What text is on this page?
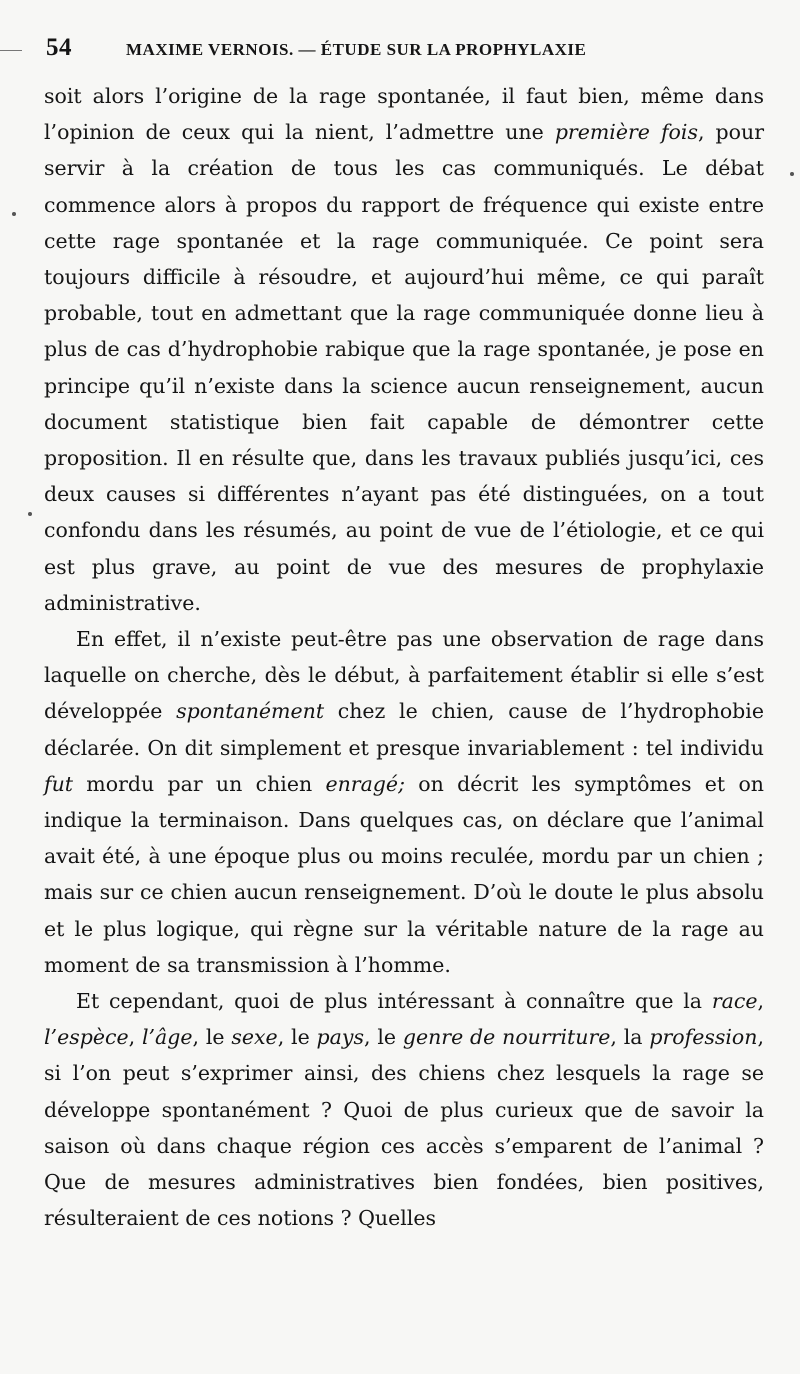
54	MAXIME VERNOIS. — ÉTUDE SUR LA PROPHYLAXIE

soit alors l’origine de la rage spontanée, il faut bien, même dans l’opinion de ceux qui la nient, l’admettre une première fois, pour servir à la création de tous les cas communiqués. Le débat commence alors à propos du rapport de fréquence qui existe entre cette rage spontanée et la rage communiquée. Ce point sera toujours difficile à résoudre, et aujourd’hui même, ce qui paraît probable, tout en admettant que la rage communiquée donne lieu à plus de cas d’hydrophobie rabique que la rage spontanée, je pose en principe qu’il n’existe dans la science aucun renseignement, aucun document statistique bien fait capable de démontrer cette proposition. Il en résulte que, dans les travaux publiés jusqu’ici, ces deux causes si différentes n’ayant pas été distinguées, on a tout confondu dans les résumés, au point de vue de l’étiologie, et ce qui est plus grave, au point de vue des mesures de prophylaxie administrative.

En effet, il n’existe peut-être pas une observation de rage dans laquelle on cherche, dès le début, à parfaitement établir si elle s’est développée spontanément chez le chien, cause de l’hydrophobie déclarée. On dit simplement et presque invariablement : tel individu fut mordu par un chien enragé; on décrit les symptômes et on indique la terminaison. Dans quelques cas, on déclare que l’animal avait été, à une époque plus ou moins reculée, mordu par un chien ; mais sur ce chien aucun renseignement. D’où le doute le plus absolu et le plus logique, qui règne sur la véritable nature de la rage au moment de sa transmission à l’homme.

Et cependant, quoi de plus intéressant à connaître que la race, l’espèce, l’âge, le sexe, le pays, le genre de nourriture, la profession, si l’on peut s’exprimer ainsi, des chiens chez lesquels la rage se développe spontanément ? Quoi de plus curieux que de savoir la saison où dans chaque région ces accès s’emparent de l’animal ? Que de mesures administratives bien fondées, bien positives, résulteraient de ces notions ? Quelles
